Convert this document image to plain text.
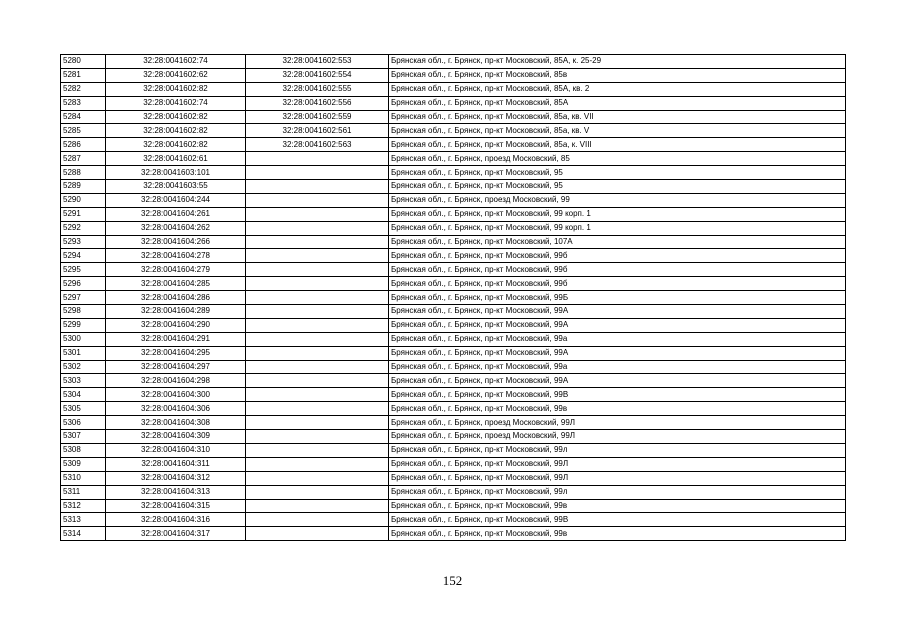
5280	32:28:0041602:74	32:28:0041602:553	Брянская обл., г. Брянск, пр-кт Московский, 85А, к. 25-29
5281	32:28:0041602:62	32:28:0041602:554	Брянская обл., г. Брянск, пр-кт Московский, 85в
5282	32:28:0041602:82	32:28:0041602:555	Брянская обл., г. Брянск, пр-кт Московский, 85А, кв. 2
5283	32:28:0041602:74	32:28:0041602:556	Брянская обл., г. Брянск, пр-кт Московский, 85А
5284	32:28:0041602:82	32:28:0041602:559	Брянская обл., г. Брянск, пр-кт Московский, 85а, кв. VII
5285	32:28:0041602:82	32:28:0041602:561	Брянская обл., г. Брянск, пр-кт Московский, 85а, кв. V
5286	32:28:0041602:82	32:28:0041602:563	Брянская обл., г. Брянск, пр-кт Московский, 85а, к. VIII
5287	32:28:0041602:61		Брянская обл., г. Брянск, проезд Московский, 85
5288	32:28:0041603:101		Брянская обл., г. Брянск, пр-кт Московский, 95
5289	32:28:0041603:55		Брянская обл., г. Брянск, пр-кт Московский, 95
5290	32:28:0041604:244		Брянская обл., г. Брянск, проезд Московский, 99
5291	32:28:0041604:261		Брянская обл., г. Брянск, пр-кт Московский, 99 корп. 1
5292	32:28:0041604:262		Брянская обл., г. Брянск, пр-кт Московский, 99 корп. 1
5293	32:28:0041604:266		Брянская обл., г. Брянск, пр-кт Московский, 107А
5294	32:28:0041604:278		Брянская обл., г. Брянск, пр-кт Московский, 99б
5295	32:28:0041604:279		Брянская обл., г. Брянск, пр-кт Московский, 99б
5296	32:28:0041604:285		Брянская обл., г. Брянск, пр-кт Московский, 99б
5297	32:28:0041604:286		Брянская обл., г. Брянск, пр-кт Московский, 99Б
5298	32:28:0041604:289		Брянская обл., г. Брянск, пр-кт Московский, 99А
5299	32:28:0041604:290		Брянская обл., г. Брянск, пр-кт Московский, 99А
5300	32:28:0041604:291		Брянская обл., г. Брянск, пр-кт Московский, 99а
5301	32:28:0041604:295		Брянская обл., г. Брянск, пр-кт Московский, 99А
5302	32:28:0041604:297		Брянская обл., г. Брянск, пр-кт Московский, 99а
5303	32:28:0041604:298		Брянская обл., г. Брянск, пр-кт Московский, 99А
5304	32:28:0041604:300		Брянская обл., г. Брянск, пр-кт Московский, 99В
5305	32:28:0041604:306		Брянская обл., г. Брянск, пр-кт Московский, 99в
5306	32:28:0041604:308		Брянская обл., г. Брянск, проезд Московский, 99Л
5307	32:28:0041604:309		Брянская обл., г. Брянск, проезд Московский, 99Л
5308	32:28:0041604:310		Брянская обл., г. Брянск, пр-кт Московский, 99л
5309	32:28:0041604:311		Брянская обл., г. Брянск, пр-кт Московский, 99Л
5310	32:28:0041604:312		Брянская обл., г. Брянск, пр-кт Московский, 99Л
5311	32:28:0041604:313		Брянская обл., г. Брянск, пр-кт Московский, 99л
5312	32:28:0041604:315		Брянская обл., г. Брянск, пр-кт Московский, 99в
5313	32:28:0041604:316		Брянская обл., г. Брянск, пр-кт Московский, 99В
5314	32:28:0041604:317		Брянская обл., г. Брянск, пр-кт Московский, 99в
152
